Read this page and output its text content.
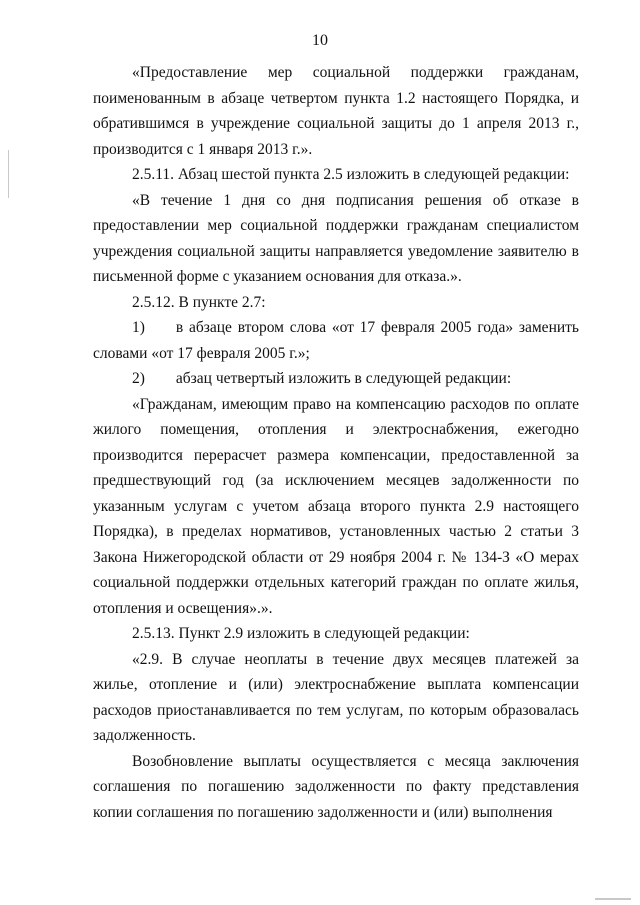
10

«Предоставление мер социальной поддержки гражданам, поименованным в абзаце четвертом пункта 1.2 настоящего Порядка, и обратившимся в учреждение социальной защиты до 1 апреля 2013 г., производится с 1 января 2013 г.».

2.5.11. Абзац шестой пункта 2.5 изложить в следующей редакции:

«В течение 1 дня со дня подписания решения об отказе в предоставлении мер социальной поддержки гражданам специалистом учреждения социальной защиты направляется уведомление заявителю в письменной форме с указанием основания для отказа.».

2.5.12. В пункте 2.7:

1)  в абзаце втором слова «от 17 февраля 2005 года» заменить словами «от 17 февраля 2005 г.»;

2)  абзац четвертый изложить в следующей редакции:

«Гражданам, имеющим право на компенсацию расходов по оплате жилого помещения, отопления и электроснабжения, ежегодно производится перерасчет размера компенсации, предоставленной за предшествующий год (за исключением месяцев задолженности по указанным услугам с учетом абзаца второго пункта 2.9 настоящего Порядка), в пределах нормативов, установленных частью 2 статьи 3 Закона Нижегородской области от 29 ноября 2004 г. № 134-З «О мерах социальной поддержки отдельных категорий граждан по оплате жилья, отопления и освещения».».

2.5.13. Пункт 2.9 изложить в следующей редакции:

«2.9. В случае неоплаты в течение двух месяцев платежей за жилье, отопление и (или) электроснабжение выплата компенсации расходов приостанавливается по тем услугам, по которым образовалась задолженность.

Возобновление выплаты осуществляется с месяца заключения соглашения по погашению задолженности по факту представления копии соглашения по погашению задолженности и (или) выполнения
